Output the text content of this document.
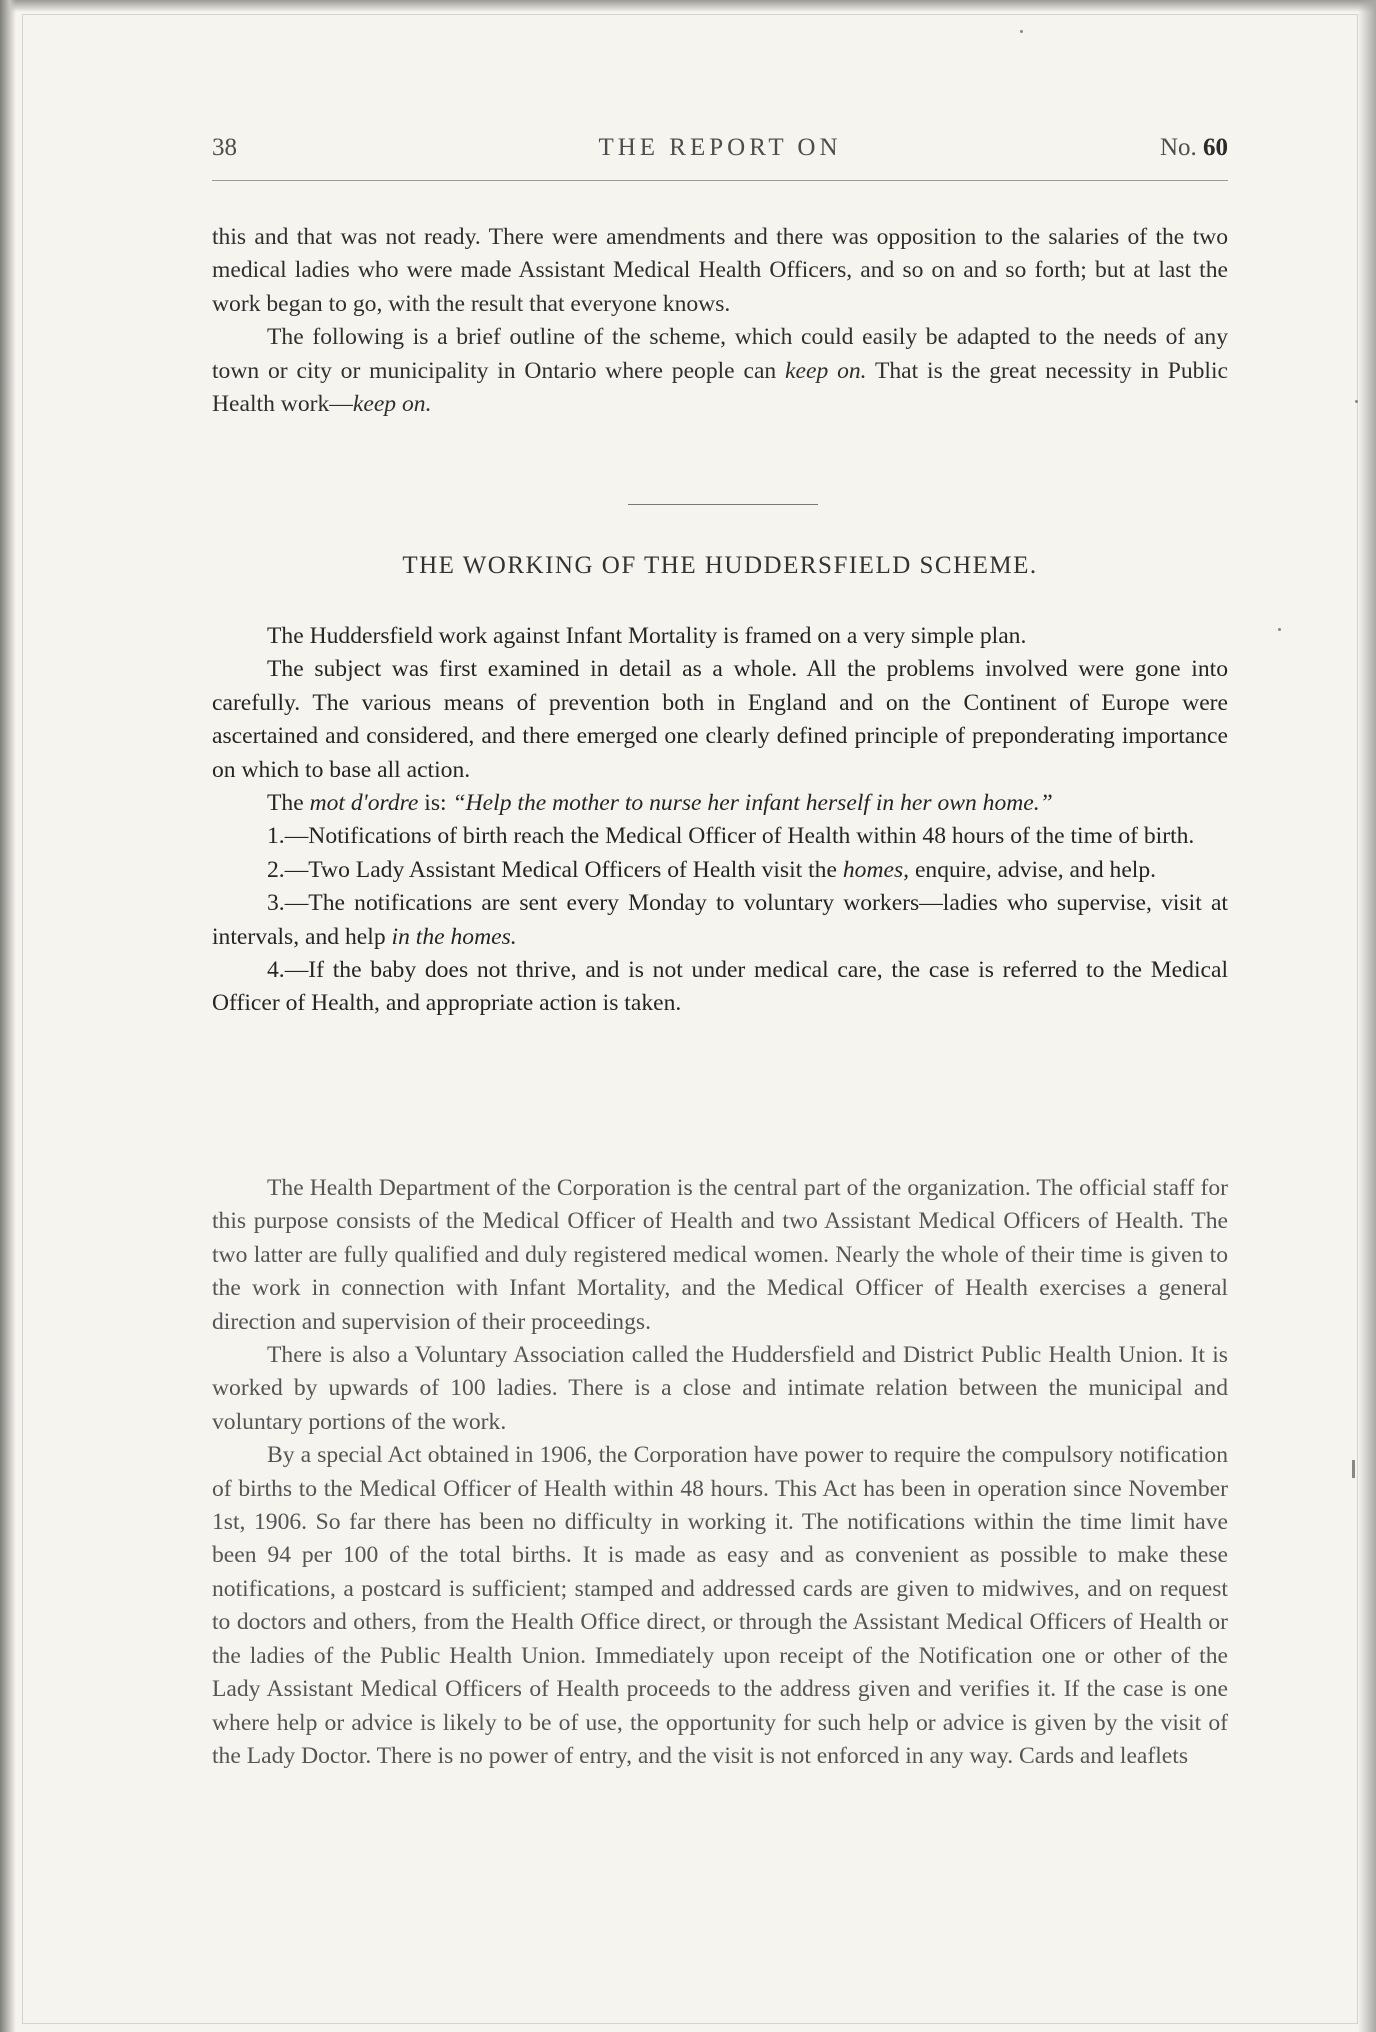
38	THE REPORT ON	No. 60

this and that was not ready. There were amendments and there was opposition to the salaries of the two medical ladies who were made Assistant Medical Health Officers, and so on and so forth; but at last the work began to go, with the result that everyone knows.

The following is a brief outline of the scheme, which could easily be adapted to the needs of any town or city or municipality in Ontario where people can keep on. That is the great necessity in Public Health work—keep on.

THE WORKING OF THE HUDDERSFIELD SCHEME.

The Huddersfield work against Infant Mortality is framed on a very simple plan.

The subject was first examined in detail as a whole. All the problems involved were gone into carefully. The various means of prevention both in England and on the Continent of Europe were ascertained and considered, and there emerged one clearly defined principle of preponderating importance on which to base all action.

The mot d'ordre is: “Help the mother to nurse her infant herself in her own home.”

1.—Notifications of birth reach the Medical Officer of Health within 48 hours of the time of birth.

2.—Two Lady Assistant Medical Officers of Health visit the homes, enquire, advise, and help.

3.—The notifications are sent every Monday to voluntary workers—ladies who supervise, visit at intervals, and help in the homes.

4.—If the baby does not thrive, and is not under medical care, the case is referred to the Medical Officer of Health, and appropriate action is taken.

The Health Department of the Corporation is the central part of the organization. The official staff for this purpose consists of the Medical Officer of Health and two Assistant Medical Officers of Health. The two latter are fully qualified and duly registered medical women. Nearly the whole of their time is given to the work in connection with Infant Mortality, and the Medical Officer of Health exercises a general direction and supervision of their proceedings.

There is also a Voluntary Association called the Huddersfield and District Public Health Union. It is worked by upwards of 100 ladies. There is a close and intimate relation between the municipal and voluntary portions of the work.

By a special Act obtained in 1906, the Corporation have power to require the compulsory notification of births to the Medical Officer of Health within 48 hours. This Act has been in operation since November 1st, 1906. So far there has been no difficulty in working it. The notifications within the time limit have been 94 per 100 of the total births. It is made as easy and as convenient as possible to make these notifications, a postcard is sufficient; stamped and addressed cards are given to midwives, and on request to doctors and others, from the Health Office direct, or through the Assistant Medical Officers of Health or the ladies of the Public Health Union. Immediately upon receipt of the Notification one or other of the Lady Assistant Medical Officers of Health proceeds to the address given and verifies it. If the case is one where help or advice is likely to be of use, the opportunity for such help or advice is given by the visit of the Lady Doctor. There is no power of entry, and the visit is not enforced in any way. Cards and leaflets
